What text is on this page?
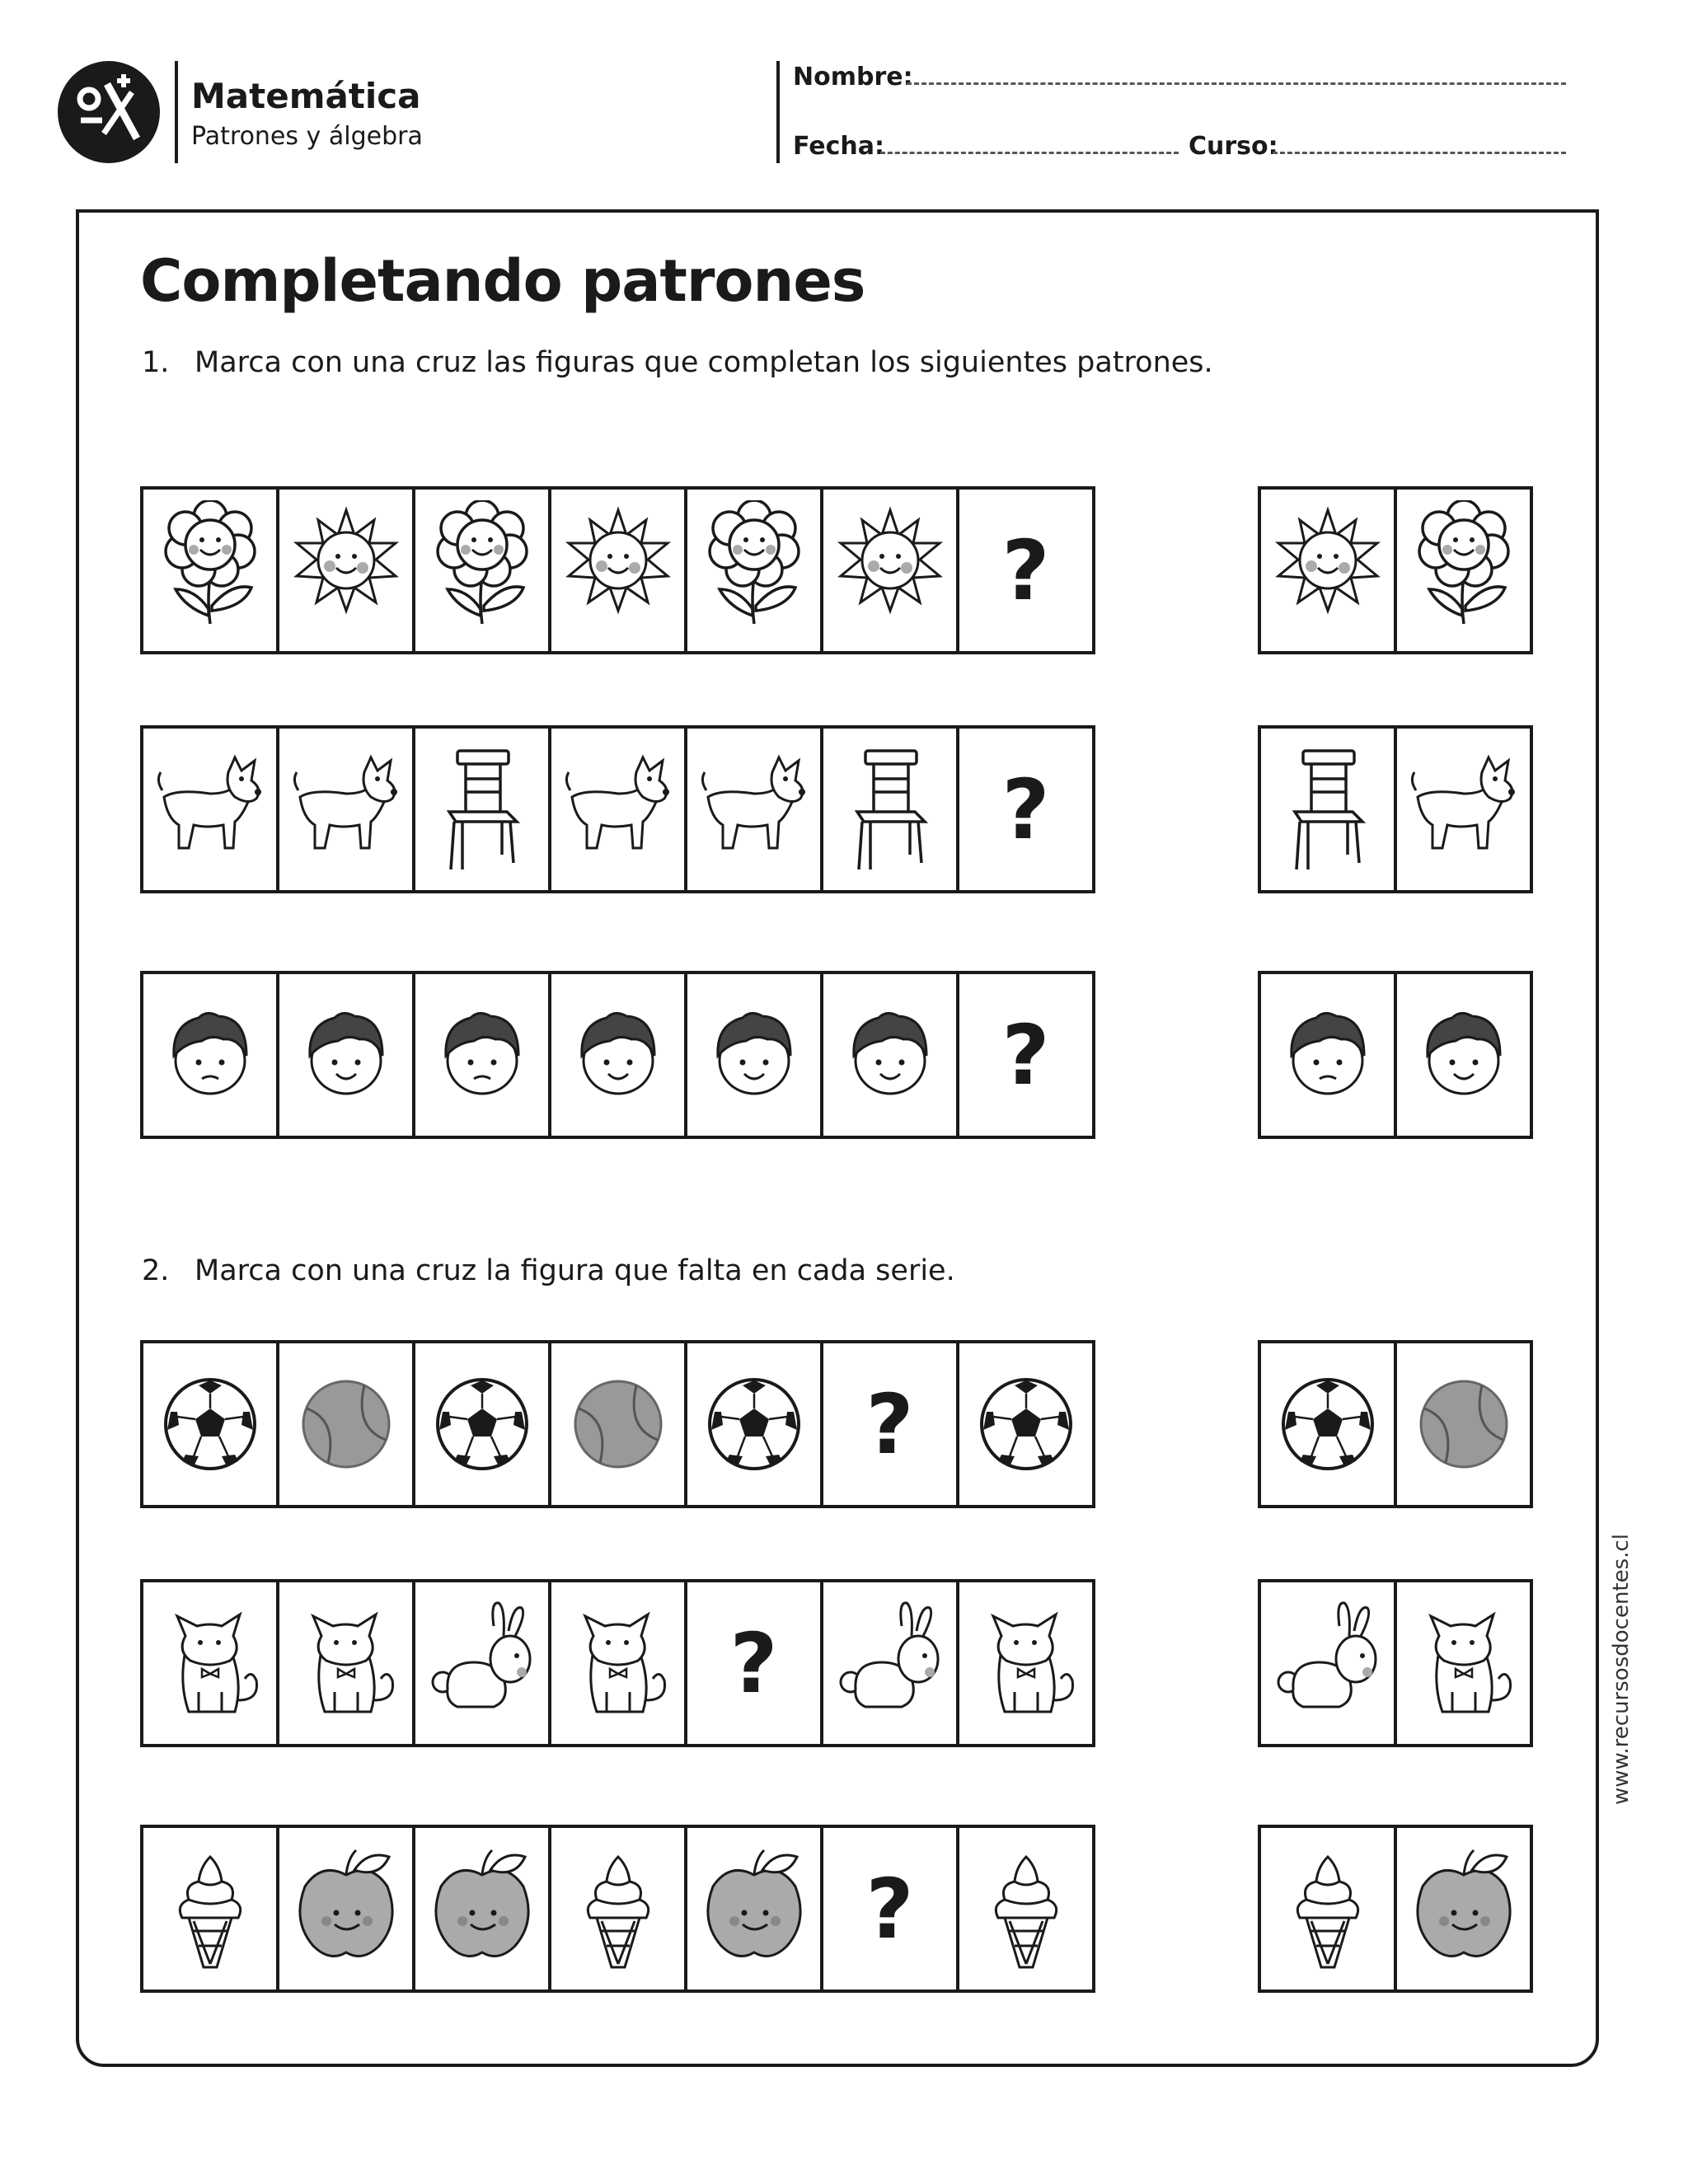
Matemática
Patrones y álgebra
Nombre:
Fecha:	Curso:
Completando patrones
1. Marca con una cruz las figuras que completan los siguientes patrones.
2. Marca con una cruz la figura que falta en cada serie.
?
?
?
?
?
?
www.recursosdocentes.cl
